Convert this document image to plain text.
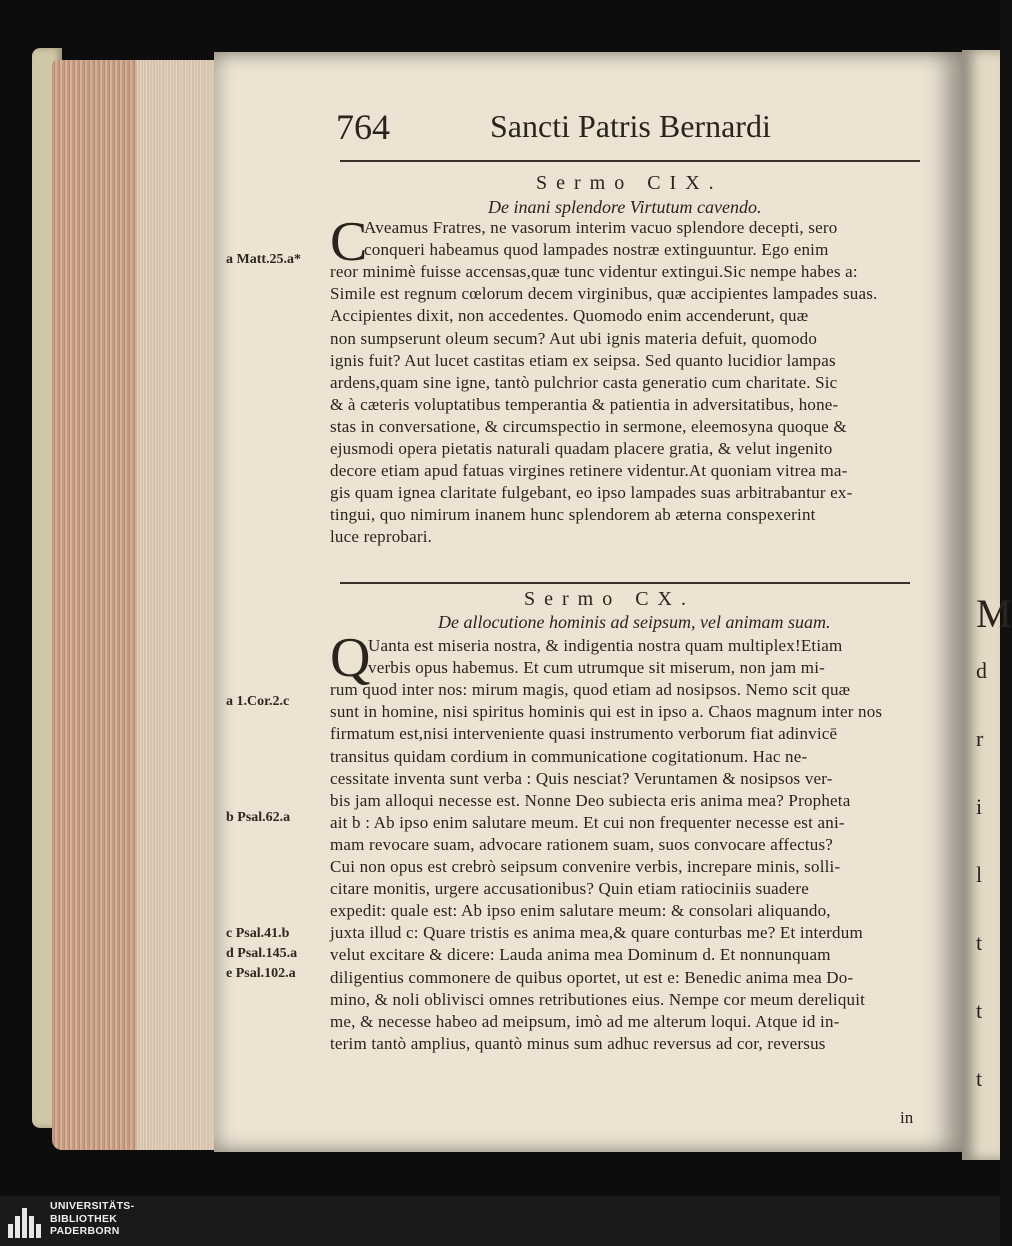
764	Sancti Patris Bernardi
Sermo CIX.
De inani splendore Virtutum cavendo.
C
a Matt.25.a*
Aveamus Fratres, ne vasorum interim vacuo splendore decepti, sero
conqueri habeamus quod lampades nostræ extinguuntur. Ego enim
reor minimè fuisse accensas,quæ tunc videntur extingui.Sic nempe habes a:
Simile est regnum cœlorum decem virginibus, quæ accipientes lampades suas.
Accipientes dixit, non accedentes. Quomodo enim accenderunt, quæ
non sumpserunt oleum secum? Aut ubi ignis materia defuit, quomodo
ignis fuit? Aut lucet castitas etiam ex seipsa. Sed quanto lucidior lampas
ardens,quam sine igne, tantò pulchrior casta generatio cum charitate. Sic
& à cæteris voluptatibus temperantia & patientia in adversitatibus, hone-
stas in conversatione, & circumspectio in sermone, eleemosyna quoque &
ejusmodi opera pietatis naturali quadam placere gratia, & velut ingenito
decore etiam apud fatuas virgines retinere videntur.At quoniam vitrea ma-
gis quam ignea claritate fulgebant, eo ipso lampades suas arbitrabantur ex-
tingui, quo nimirum inanem hunc splendorem ab æterna conspexerint
luce reprobari.
Sermo CX.
De allocutione hominis ad seipsum, vel animam suam.
Q
a 1.Cor.2.c
b Psal.62.a
c Psal.41.b
d Psal.145.a
e Psal.102.a
in
Uanta est miseria nostra, & indigentia nostra quam multiplex!Etiam
verbis opus habemus. Et cum utrumque sit miserum, non jam mi-
rum quod inter nos: mirum magis, quod etiam ad nosipsos. Nemo scit quæ
sunt in homine, nisi spiritus hominis qui est in ipso a. Chaos magnum inter nos
firmatum est,nisi interveniente quasi instrumento verborum fiat adinvicē
transitus quidam cordium in communicatione cogitationum. Hac ne-
cessitate inventa sunt verba : Quis nesciat? Veruntamen & nosipsos ver-
bis jam alloqui necesse est. Nonne Deo subiecta eris anima mea? Propheta
ait b : Ab ipso enim salutare meum. Et cui non frequenter necesse est ani-
mam revocare suam, advocare rationem suam, suos convocare affectus?
Cui non opus est crebrò seipsum convenire verbis, increpare minis, solli-
citare monitis, urgere accusationibus? Quin etiam ratiociniis suadere
expedit: quale est: Ab ipso enim salutare meum: & consolari aliquando,
juxta illud c: Quare tristis es anima mea,& quare conturbas me? Et interdum
velut excitare & dicere: Lauda anima mea Dominum d. Et nonnunquam
diligentius commonere de quibus oportet, ut est e: Benedic anima mea Do-
mino, & noli oblivisci omnes retributiones eius. Nempe cor meum dereliquit
me, & necesse habeo ad meipsum, imò ad me alterum loqui. Atque id in-
terim tantò amplius, quantò minus sum adhuc reversus ad cor, reversus
M
d
r
i
l
t
t
t
UNIVERSITÄTS-
BIBLIOTHEK
PADERBORN
